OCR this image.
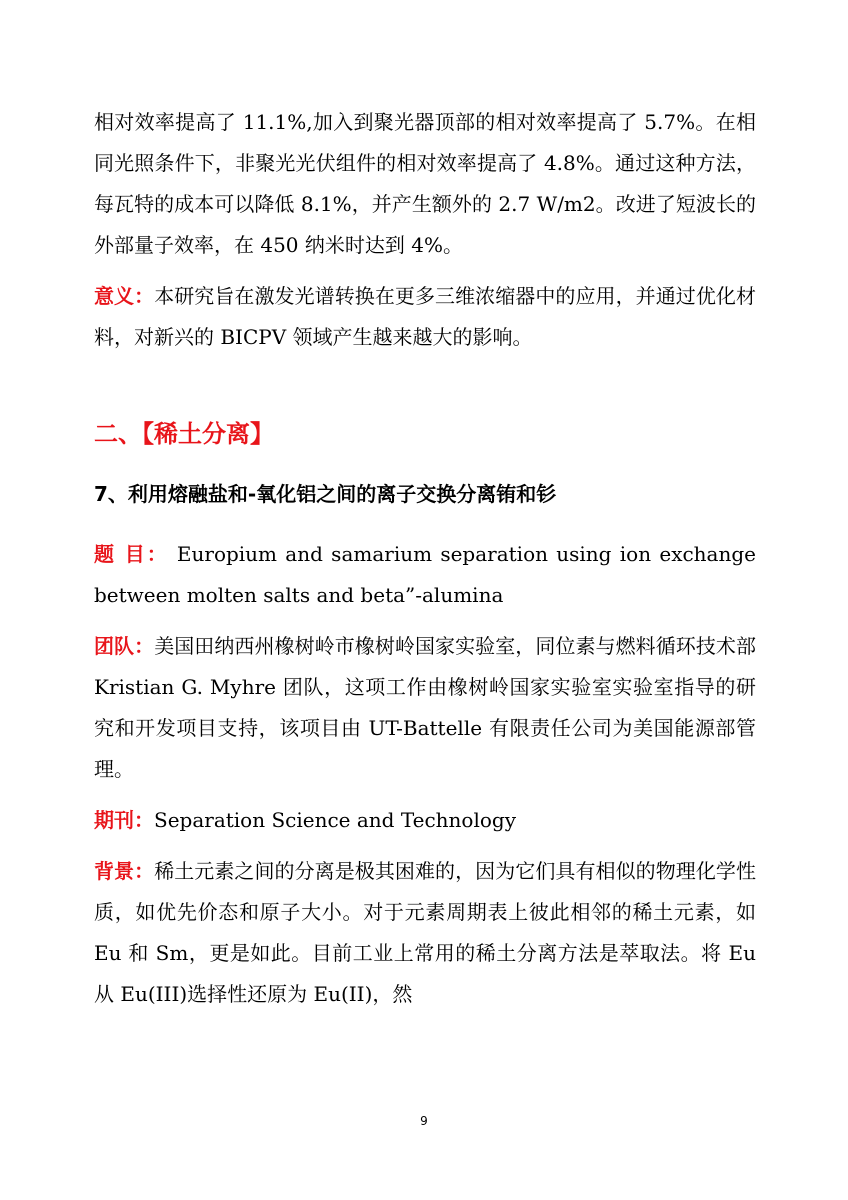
相对效率提高了 11.1%,加入到聚光器顶部的相对效率提高了 5.7%。在相同光照条件下，非聚光光伏组件的相对效率提高了 4.8%。通过这种方法，每瓦特的成本可以降低 8.1%，并产生额外的 2.7 W/m2。改进了短波长的外部量子效率，在 450 纳米时达到 4%。

意义：本研究旨在激发光谱转换在更多三维浓缩器中的应用，并通过优化材料，对新兴的 BICPV 领域产生越来越大的影响。

二、【稀土分离】
7、利用熔融盐和-氧化铝之间的离子交换分离铕和钐

题 目： Europium and samarium separation using ion exchange between molten salts and beta”-alumina

团队：美国田纳西州橡树岭市橡树岭国家实验室，同位素与燃料循环技术部 Kristian G. Myhre 团队，这项工作由橡树岭国家实验室实验室指导的研究和开发项目支持，该项目由 UT-Battelle 有限责任公司为美国能源部管理。

期刊：Separation Science and Technology

背景：稀土元素之间的分离是极其困难的，因为它们具有相似的物理化学性质，如优先价态和原子大小。对于元素周期表上彼此相邻的稀土元素，如 Eu 和 Sm，更是如此。目前工业上常用的稀土分离方法是萃取法。将 Eu 从 Eu(III)选择性还原为 Eu(II)，然

9
